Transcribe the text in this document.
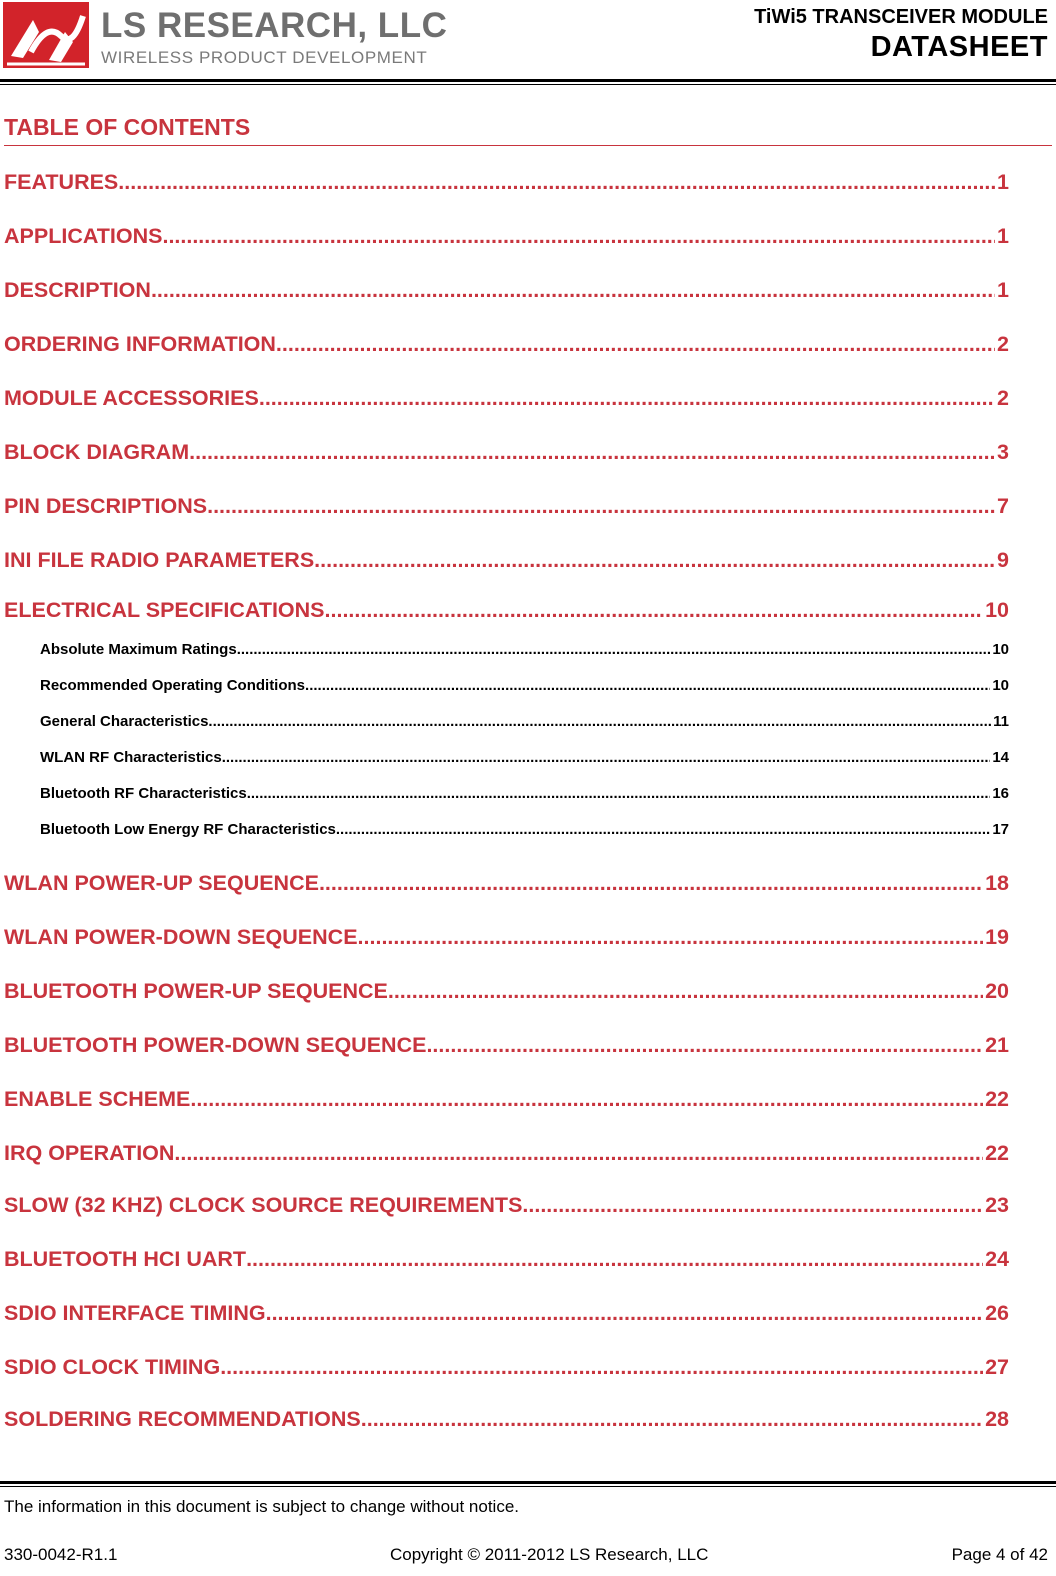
LS RESEARCH, LLC
WIRELESS PRODUCT DEVELOPMENT
TiWi5 TRANSCEIVER MODULE
DATASHEET
TABLE OF CONTENTS
FEATURES .....	1
APPLICATIONS .....	1
DESCRIPTION .....	1
ORDERING INFORMATION .....	2
MODULE ACCESSORIES .....	2
BLOCK DIAGRAM .....	3
PIN DESCRIPTIONS .....	7
INI FILE RADIO PARAMETERS .....	9
ELECTRICAL SPECIFICATIONS .....	10
Absolute Maximum Ratings .....	10
Recommended Operating Conditions .....	10
General Characteristics .....	11
WLAN RF Characteristics .....	14
Bluetooth RF Characteristics .....	16
Bluetooth Low Energy RF Characteristics .....	17
WLAN POWER-UP SEQUENCE .....	18
WLAN POWER-DOWN SEQUENCE .....	19
BLUETOOTH POWER-UP SEQUENCE .....	20
BLUETOOTH POWER-DOWN SEQUENCE .....	21
ENABLE SCHEME .....	22
IRQ OPERATION .....	22
SLOW (32 KHZ) CLOCK SOURCE REQUIREMENTS .....	23
BLUETOOTH HCI UART .....	24
SDIO INTERFACE TIMING .....	26
SDIO CLOCK TIMING .....	27
SOLDERING RECOMMENDATIONS .....	28
The information in this document is subject to change without notice.
330-0042-R1.1	Copyright © 2011-2012 LS Research, LLC	Page 4 of 42
